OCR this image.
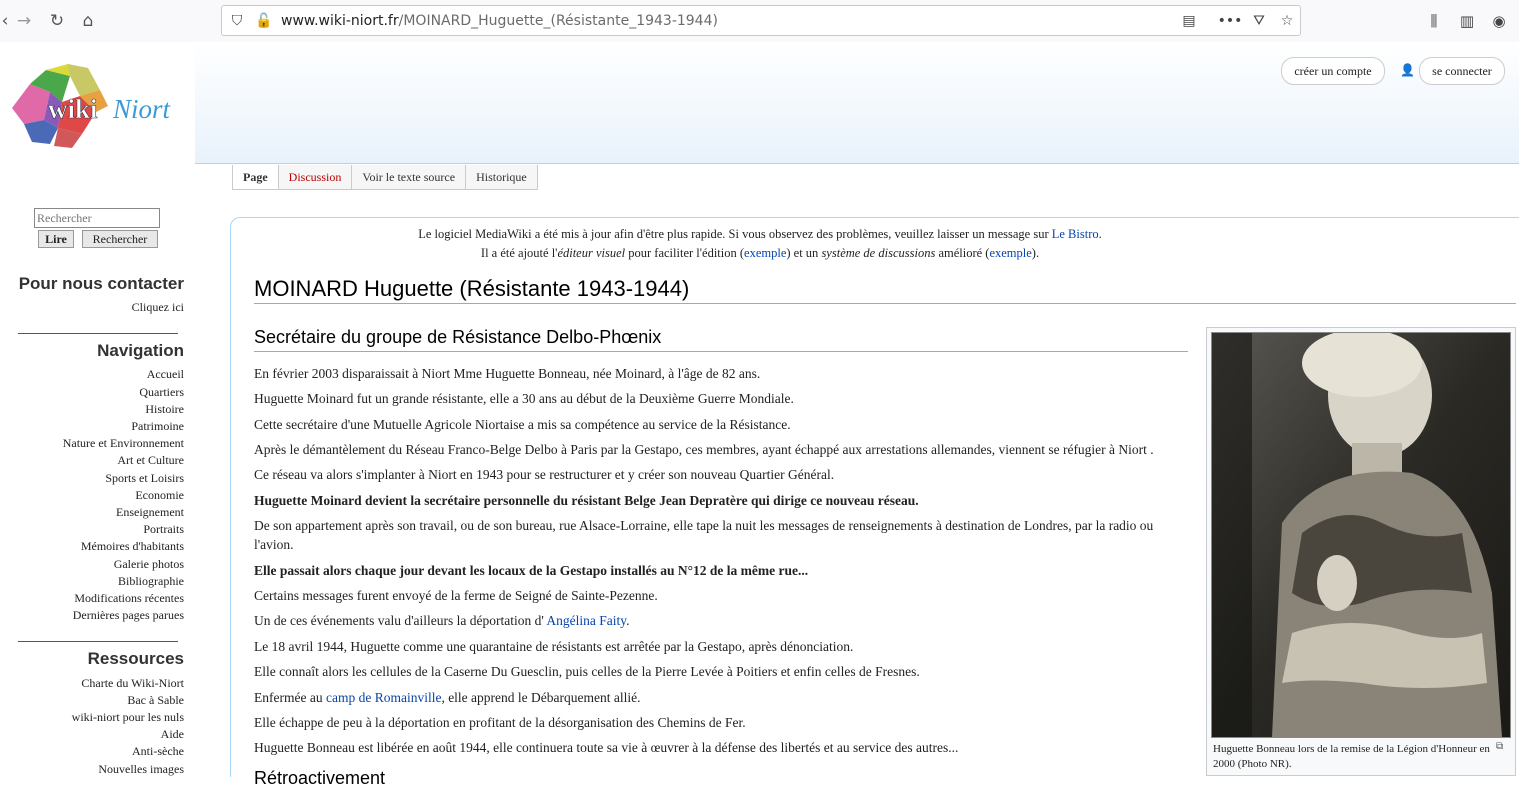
‹ → ↻	⌂	⛉ 🔓 www.wiki-niort.fr/MOINARD_Huguette_(Résistante_1943-1944)	▤ ••• ⛛ ☆	⫼	▥ ◉
wiki Niort
créer un compte	👤	se connecter
Page	Discussion	Voir le texte source	Historique
Rechercher
Lire	Rechercher
Pour nous contacter
Cliquez ici
Navigation
Accueil
Quartiers
Histoire
Patrimoine
Nature et Environnement
Art et Culture
Sports et Loisirs
Economie
Enseignement
Portraits
Mémoires d'habitants
Galerie photos
Bibliographie
Modifications récentes
Dernières pages parues
Ressources
Charte du Wiki-Niort
Bac à Sable
wiki-niort pour les nuls
Aide
Anti-sèche
Nouvelles images
Le logiciel MediaWiki a été mis à jour afin d'être plus rapide. Si vous observez des problèmes, veuillez laisser un message sur Le Bistro.
Il a été ajouté l'éditeur visuel pour faciliter l'édition (exemple) et un système de discussions amélioré (exemple).
MOINARD Huguette (Résistante 1943-1944)
Secrétaire du groupe de Résistance Delbo-Phœnix
En février 2003 disparaissait à Niort Mme Huguette Bonneau, née Moinard, à l'âge de 82 ans.
Huguette Moinard fut un grande résistante, elle a 30 ans au début de la Deuxième Guerre Mondiale.
Cette secrétaire d'une Mutuelle Agricole Niortaise a mis sa compétence au service de la Résistance.
Après le démantèlement du Réseau Franco-Belge Delbo à Paris par la Gestapo, ces membres, ayant échappé aux arrestations allemandes, viennent se réfugier à Niort .
Ce réseau va alors s'implanter à Niort en 1943 pour se restructurer et y créer son nouveau Quartier Général.
Huguette Moinard devient la secrétaire personnelle du résistant Belge Jean Depratère qui dirige ce nouveau réseau.
De son appartement après son travail, ou de son bureau, rue Alsace-Lorraine, elle tape la nuit les messages de renseignements à destination de Londres, par la radio ou l'avion.
Elle passait alors chaque jour devant les locaux de la Gestapo installés au N°12 de la même rue...
Certains messages furent envoyé de la ferme de Seigné de Sainte-Pezenne.
Un de ces événements valu d'ailleurs la déportation d' Angélina Faity.
Le 18 avril 1944, Huguette comme une quarantaine de résistants est arrêtée par la Gestapo, après dénonciation.
Elle connaît alors les cellules de la Caserne Du Guesclin, puis celles de la Pierre Levée à Poitiers et enfin celles de Fresnes.
Enfermée au camp de Romainville, elle apprend le Débarquement allié.
Elle échappe de peu à la déportation en profitant de la désorganisation des Chemins de Fer.
Huguette Bonneau est libérée en août 1944, elle continuera toute sa vie à œuvrer à la défense des libertés et au service des autres...
Rétroactivement
Huguette Bonneau lors de la remise de la Légion d'Honneur en 2000 (Photo NR).
⧉
